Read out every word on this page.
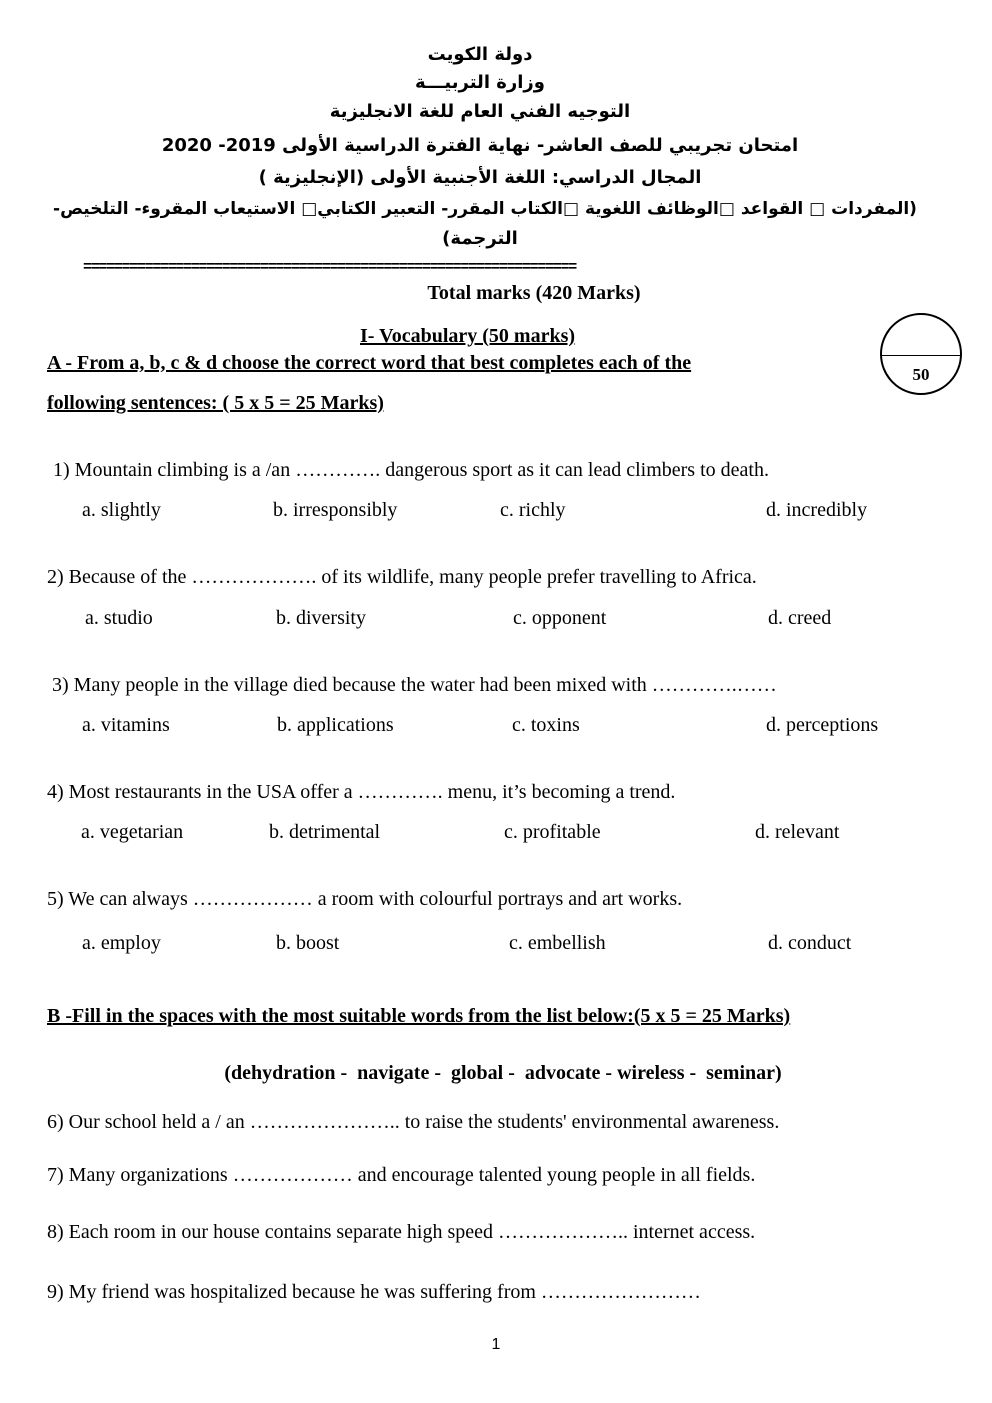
دولة الكويت
وزارة التربيـــة
التوجيه الفني العام للغة الانجليزية
امتحان تجريبي للصف العاشر- نهاية الفترة الدراسية الأولى 2019- 2020
المجال الدراسي: اللغة الأجنبية الأولى (الإنجليزية )
(المفردات □ القواعد □الوظائف اللغوية □الكتاب المقرر- التعبير الكتابي□ الاستيعاب المقروء- التلخيص-
الترجمة)
================================================================
Total marks (420 Marks)
I- Vocabulary (50 marks)
50
A - From a, b, c & d choose the correct word that best completes each of the
following sentences: ( 5 x 5 = 25 Marks)
1) Mountain climbing is a /an …………. dangerous sport as it can lead climbers to death.
a. slightly	b. irresponsibly	c. richly	d. incredibly
2) Because of the ………………. of its wildlife, many people prefer travelling to Africa.
a. studio	b. diversity	c. opponent	d. creed
3) Many people in the village died because the water had been mixed with ………….……
a. vitamins	b. applications	c. toxins	d. perceptions
4) Most restaurants in the USA offer a …………. menu, it’s becoming a trend.
a. vegetarian	b. detrimental	c. profitable	d. relevant
5) We can always ……………… a room with colourful portrays and art works.
a. employ	b. boost	c. embellish	d. conduct
B -Fill in the spaces with the most suitable words from the list below:(5 x 5 = 25 Marks)
(dehydration -  navigate -  global -  advocate - wireless -  seminar)
6) Our school held a / an ………………….. to raise the students' environmental awareness.
7) Many organizations ……………… and encourage talented young people in all fields.
8) Each room in our house contains separate high speed ……………….. internet access.
9) My friend was hospitalized because he was suffering from ……………………
1
